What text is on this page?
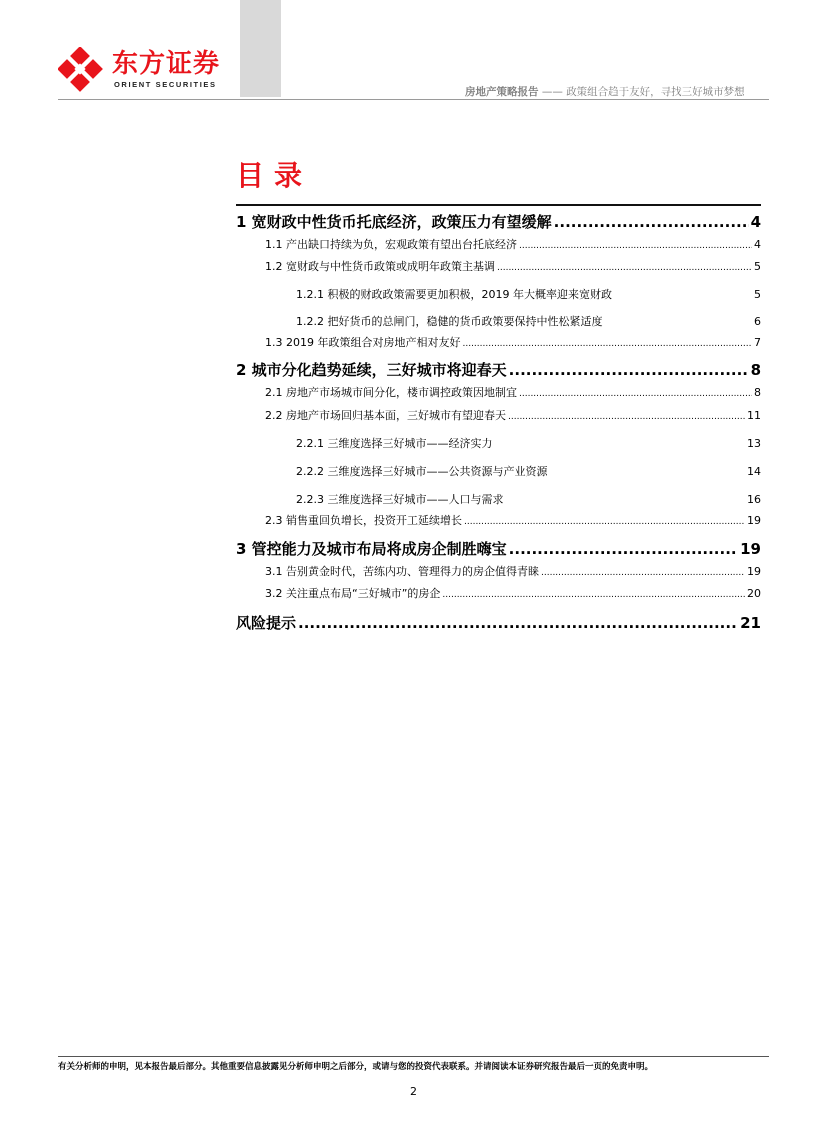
东方证券
ORIENT SECURITIES
房地产策略报告 —— 政策组合趋于友好，寻找三好城市梦想
目录
1 宽财政中性货币托底经济，政策压力有望缓解 .....	4
1.1 产出缺口持续为负，宏观政策有望出台托底经济 .....	4
1.2 宽财政与中性货币政策或成明年政策主基调 .....	5
1.2.1 积极的财政政策需要更加积极，2019 年大概率迎来宽财政	5
1.2.2 把好货币的总闸门，稳健的货币政策要保持中性松紧适度	6
1.3 2019 年政策组合对房地产相对友好 .....	7
2 城市分化趋势延续，三好城市将迎春天 .....	8
2.1 房地产市场城市间分化，楼市调控政策因地制宜 .....	8
2.2 房地产市场回归基本面，三好城市有望迎春天 .....	11
2.2.1 三维度选择三好城市——经济实力	13
2.2.2 三维度选择三好城市——公共资源与产业资源	14
2.2.3 三维度选择三好城市——人口与需求	16
2.3 销售重回负增长，投资开工延续增长 .....	19
3 管控能力及城市布局将成房企制胜嗨宝 .....	19
3.1 告别黄金时代，苦练内功、管理得力的房企值得青睐 .....	19
3.2 关注重点布局“三好城市”的房企 .....	20
风险提示 .....	21
有关分析师的申明，见本报告最后部分。其他重要信息披露见分析师申明之后部分，或请与您的投资代表联系。并请阅读本证券研究报告最后一页的免责申明。
2
